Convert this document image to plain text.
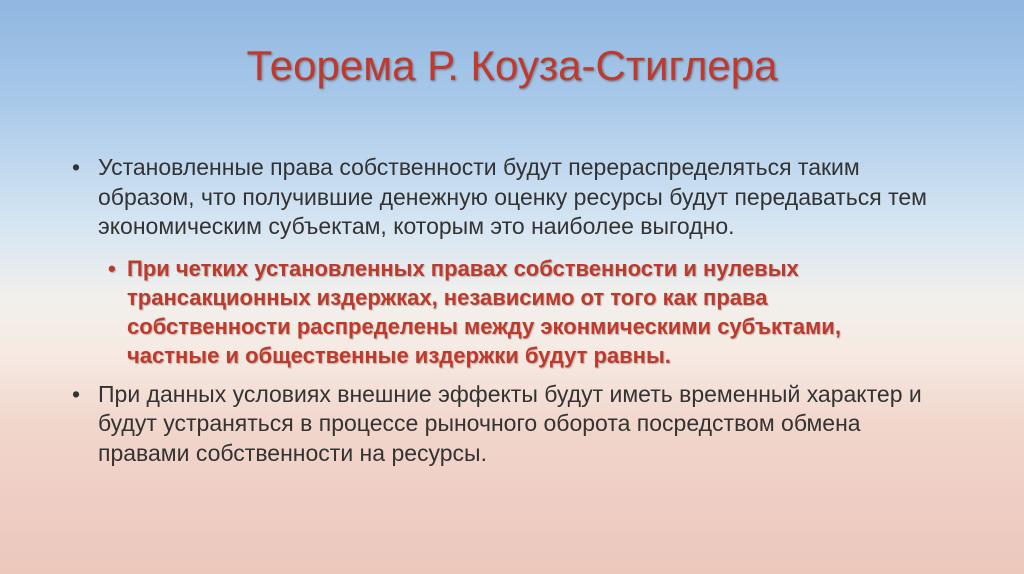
Теорема Р. Коуза-Стиглера
• Установленные права собственности будут перераспределяться таким образом, что получившие денежную оценку ресурсы будут передаваться тем экономическим субъектам, которым это наиболее выгодно.
• При четких установленных правах собственности и нулевых трансакционных издержках, независимо от того как права собственности распределены между эконмическими субъктами, частные и общественные издержки будут равны.
• При данных условиях внешние эффекты будут иметь временный характер и будут устраняться в процессе рыночного оборота посредством обмена правами собственности на ресурсы.
